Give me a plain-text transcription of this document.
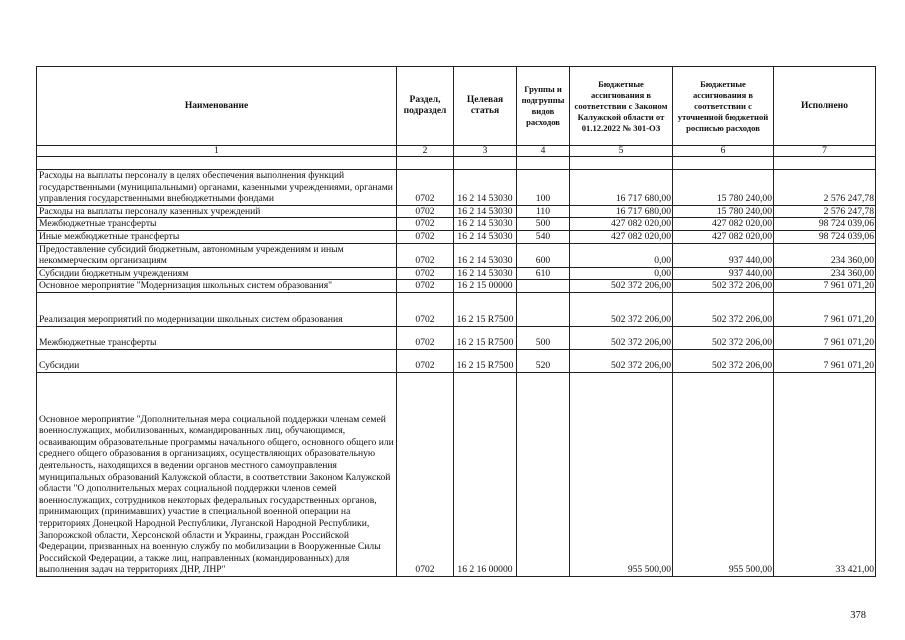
Наименование	Раздел, подраздел	Целевая статья	Группы и подгруппы видов расходов	Бюджетные ассигнования в соответствии с Законом Калужской области от 01.12.2022 № 301-ОЗ	Бюджетные ассигнования в соответствии с уточненной бюджетной росписью расходов	Исполнено
1	2	3	4	5	6	7

Расходы на выплаты персоналу в целях обеспечения выполнения функций государственными (муниципальными) органами, казенными учреждениями, органами управления государственными внебюджетными фондами	0702	16 2 14 53030	100	16 717 680,00	15 780 240,00	2 576 247,78
Расходы на выплаты персоналу казенных учреждений	0702	16 2 14 53030	110	16 717 680,00	15 780 240,00	2 576 247,78
Межбюджетные трансферты	0702	16 2 14 53030	500	427 082 020,00	427 082 020,00	98 724 039,06
Иные межбюджетные трансферты	0702	16 2 14 53030	540	427 082 020,00	427 082 020,00	98 724 039,06
Предоставление субсидий бюджетным, автономным учреждениям и иным некоммерческим организациям	0702	16 2 14 53030	600	0,00	937 440,00	234 360,00
Субсидии бюджетным учреждениям	0702	16 2 14 53030	610	0,00	937 440,00	234 360,00
Основное мероприятие "Модернизация школьных систем образования"	0702	16 2 15 00000		502 372 206,00	502 372 206,00	7 961 071,20
Реализация мероприятий по модернизации школьных систем образования	0702	16 2 15 R7500		502 372 206,00	502 372 206,00	7 961 071,20
Межбюджетные трансферты	0702	16 2 15 R7500	500	502 372 206,00	502 372 206,00	7 961 071,20
Субсидии	0702	16 2 15 R7500	520	502 372 206,00	502 372 206,00	7 961 071,20
Основное мероприятие "Дополнительная мера социальной поддержки членам семей военнослужащих, мобилизованных, командированных лиц, обучающимся, осваивающим образовательные программы начального общего, основного общего или среднего общего образования в организациях, осуществляющих образовательную деятельность, находящихся в ведении органов местного самоуправления муниципальных образований Калужской области, в соответствии Законом Калужской области "О дополнительных мерах социальной поддержки членов семей военнослужащих, сотрудников некоторых федеральных государственных органов, принимающих (принимавших) участие в специальной военной операции на территориях Донецкой Народной Республики, Луганской Народной Республики, Запорожской области, Херсонской области и Украины, граждан Российской Федерации, призванных на военную службу по мобилизации в Вооруженные Силы Российской Федерации, а также лиц, направленных (командированных) для выполнения задач на территориях ДНР, ЛНР"	0702	16 2 16 00000		955 500,00	955 500,00	33 421,00
378
